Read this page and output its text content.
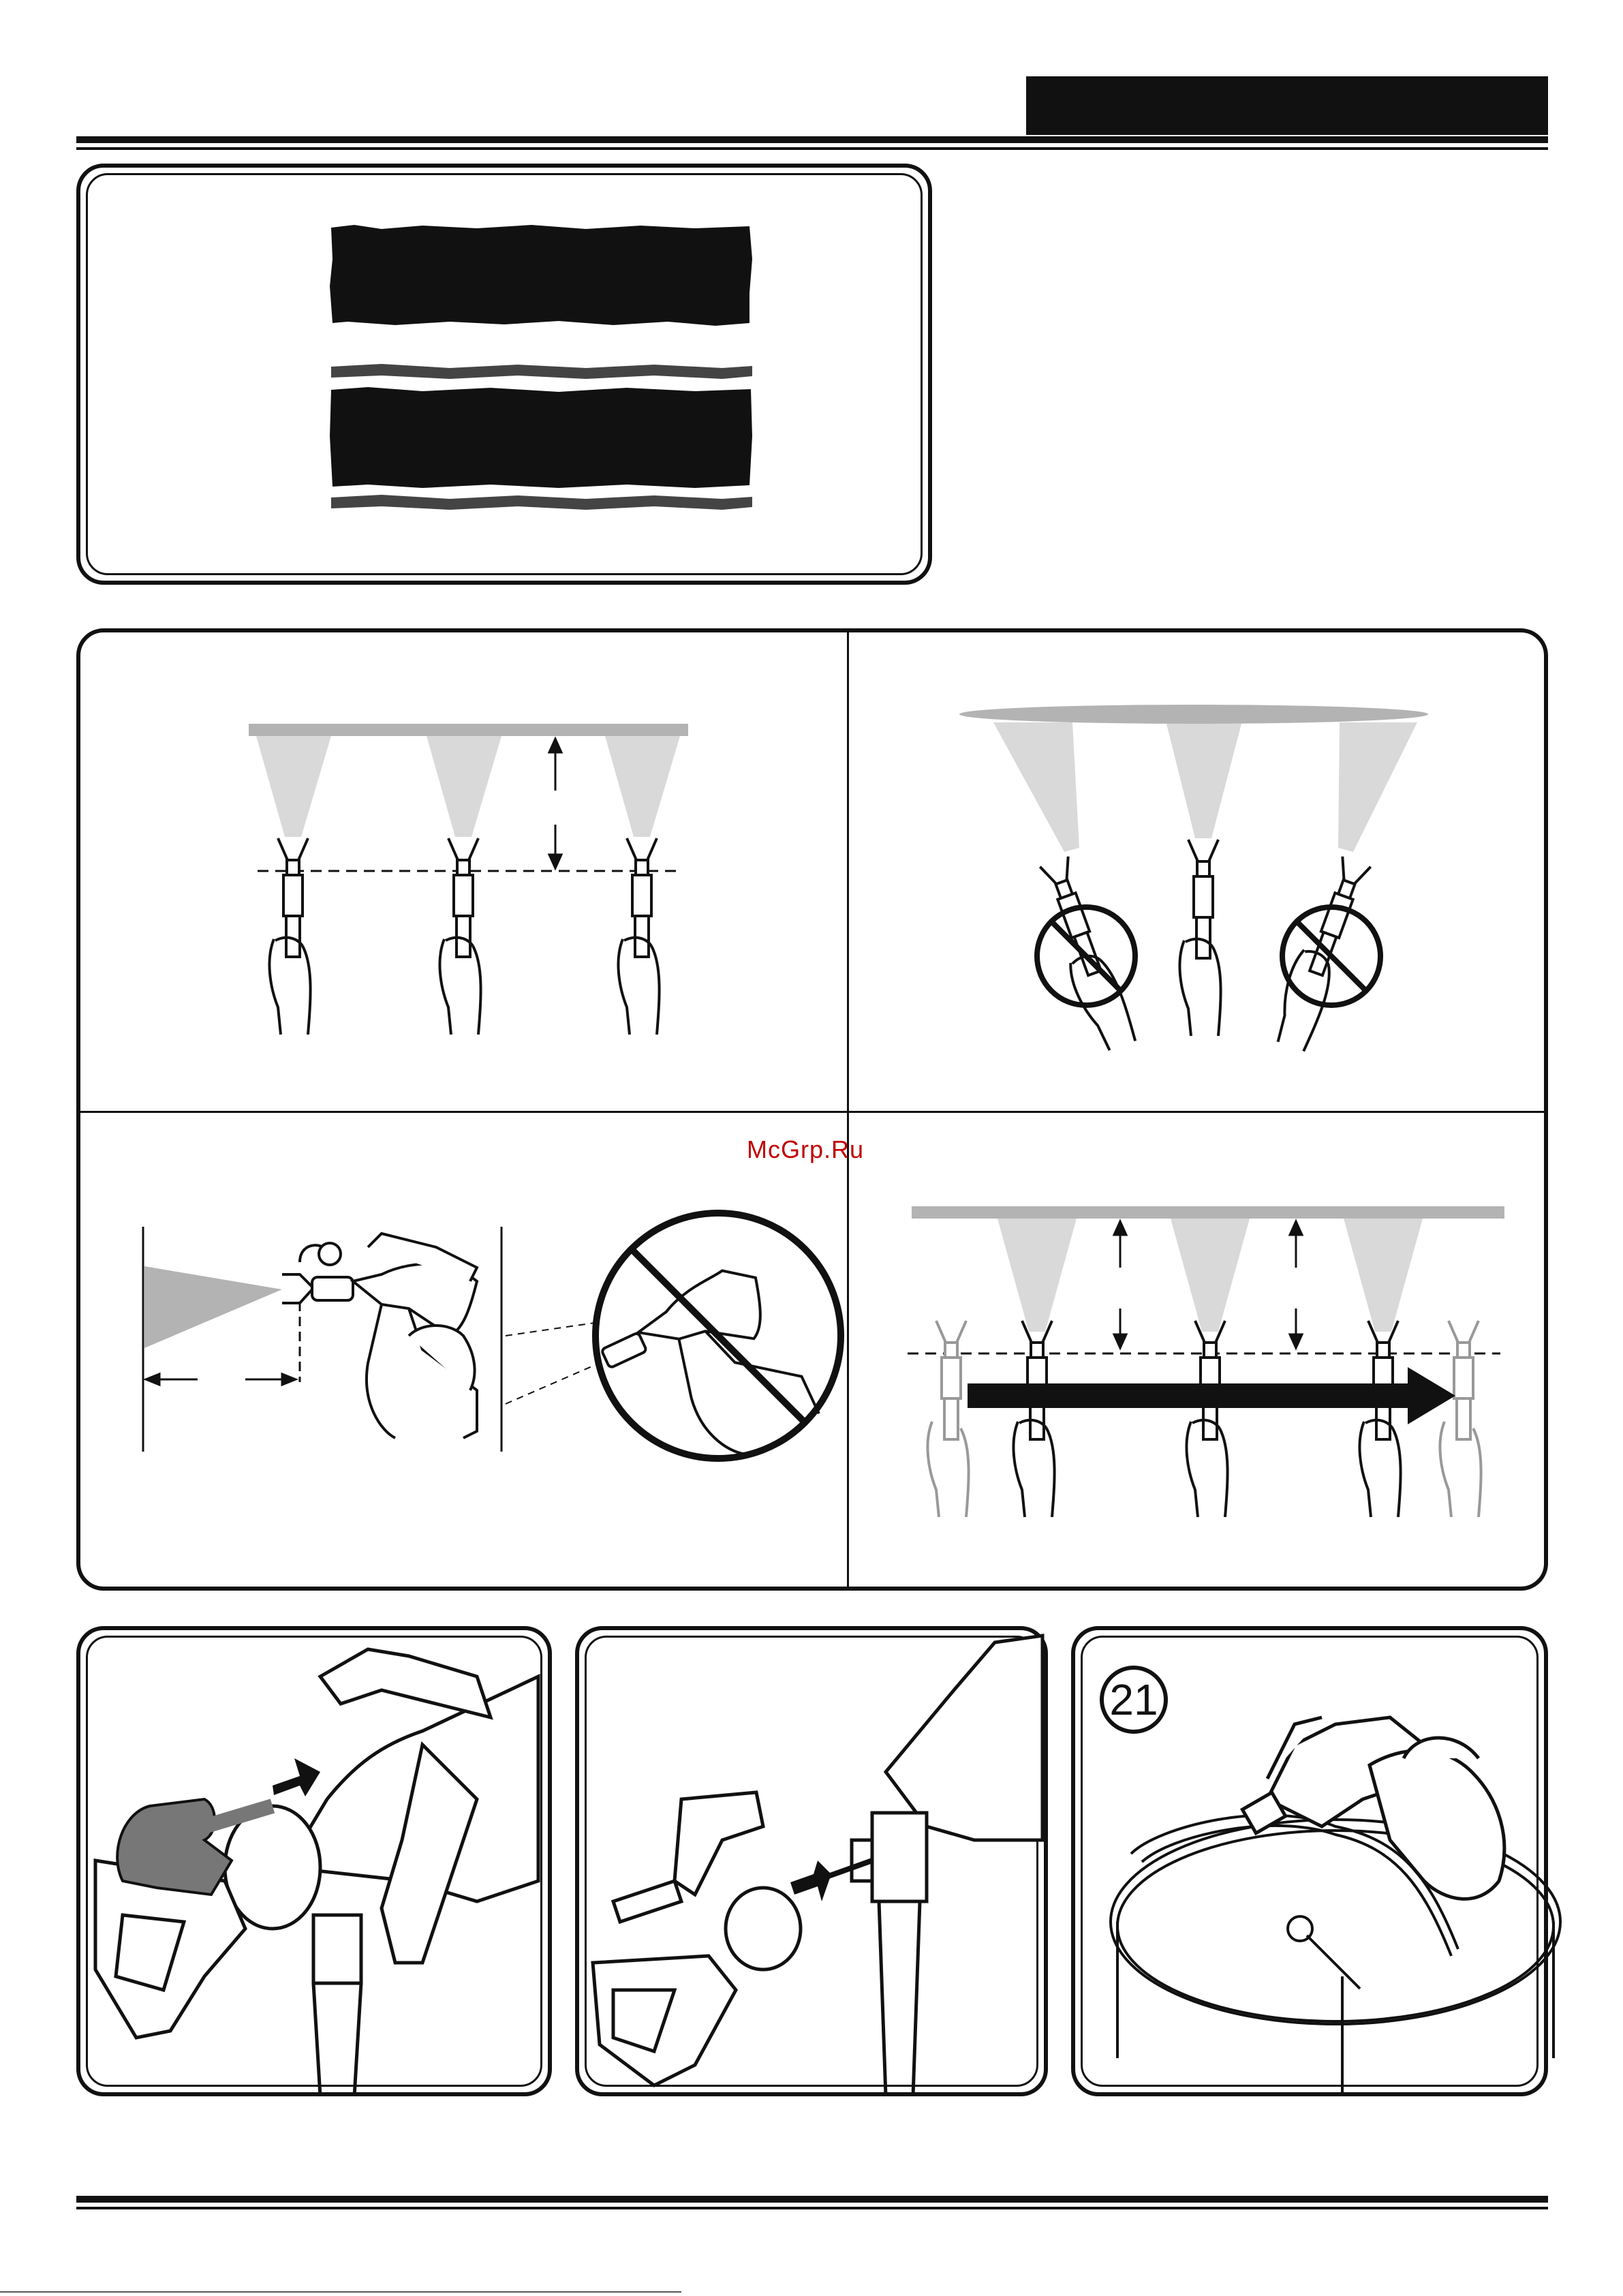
McGrp.Ru
21
